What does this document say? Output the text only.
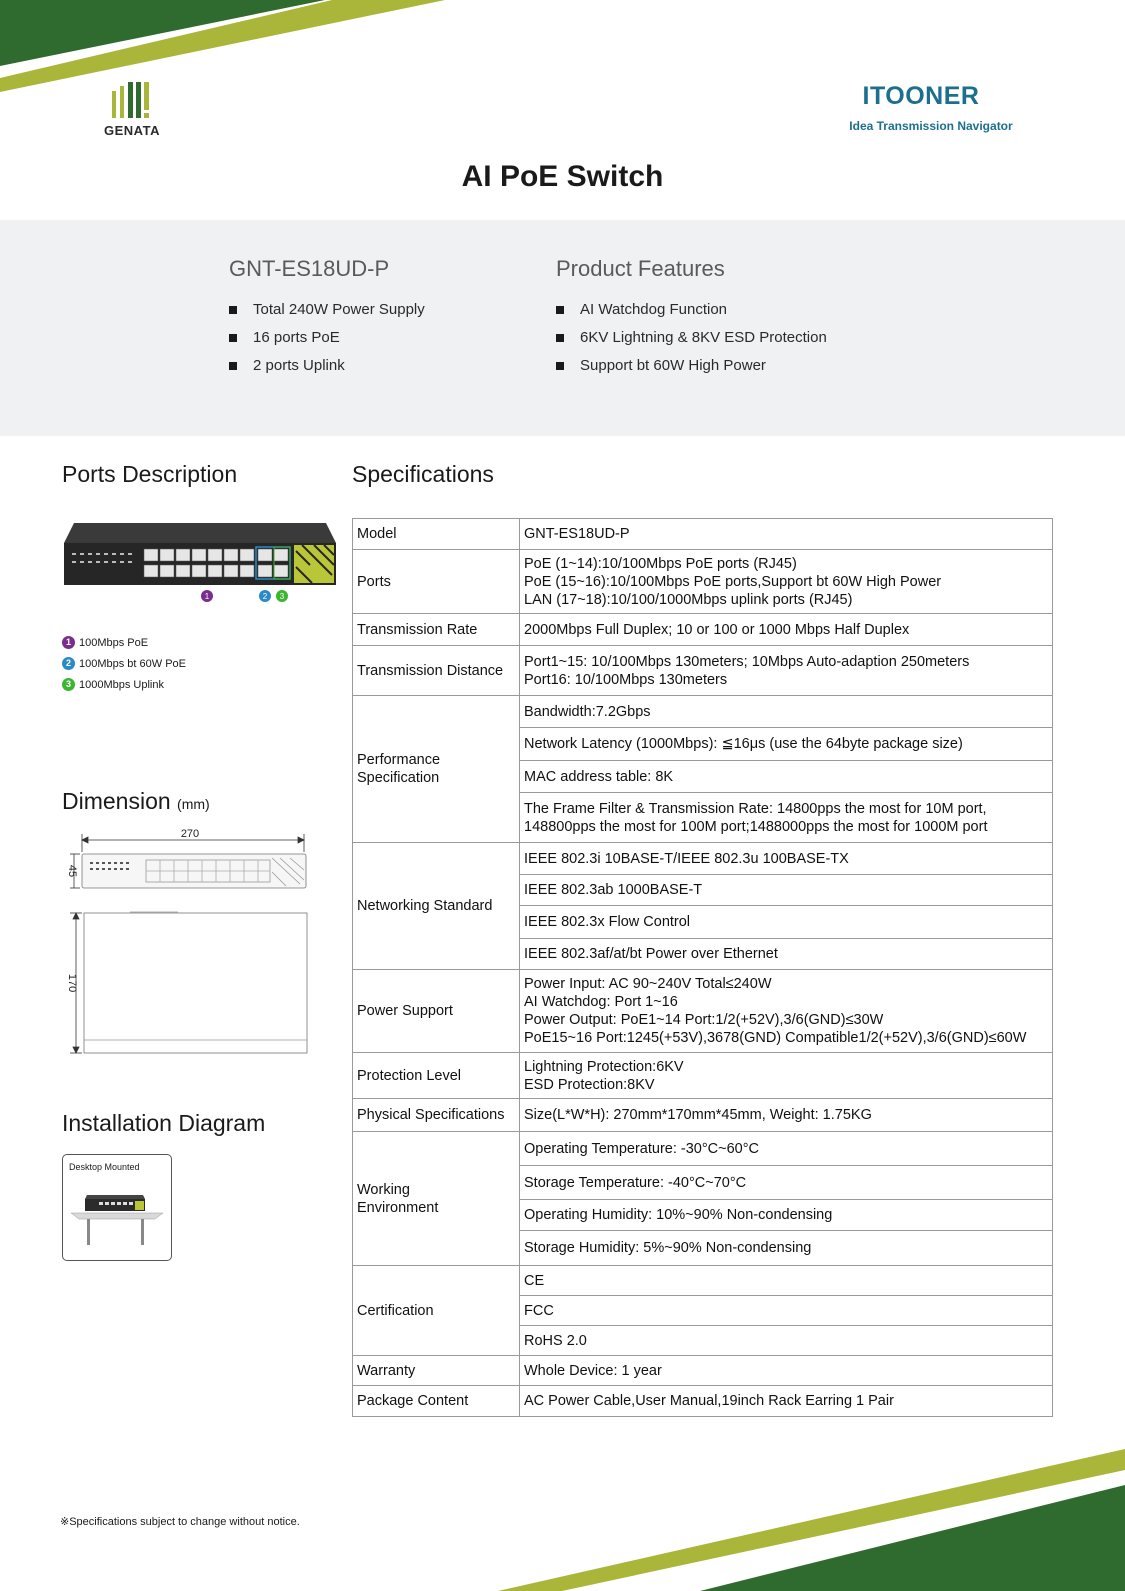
GENATA
ITOONER
Idea Transmission Navigator
AI PoE Switch
GNT-ES18UD-P
Total 240W Power Supply
16 ports PoE
2 ports Uplink
Product Features
AI Watchdog Function
6KV Lightning & 8KV ESD Protection
Support bt 60W High Power
Ports Description
1	2 3
1 100Mbps PoE
2 100Mbps bt 60W PoE
3 1000Mbps Uplink
Dimension (mm)
270
45
170
Installation Diagram
Desktop Mounted
Specifications
Model	GNT-ES18UD-P
Ports	PoE (1~14):10/100Mbps PoE ports (RJ45)
PoE (15~16):10/100Mbps PoE ports,Support bt 60W High Power
LAN (17~18):10/100/1000Mbps uplink ports (RJ45)
Transmission Rate	2000Mbps Full Duplex; 10 or 100 or 1000 Mbps Half Duplex
Transmission Distance	Port1~15: 10/100Mbps 130meters; 10Mbps Auto-adaption 250meters
Port16: 10/100Mbps 130meters
Performance Specification	Bandwidth:7.2Gbps
	Network Latency (1000Mbps): ≦16μs (use the 64byte package size)
	MAC address table: 8K
	The Frame Filter & Transmission Rate: 14800pps the most for 10M port, 148800pps the most for 100M port;1488000pps the most for 1000M port
Networking Standard	IEEE 802.3i 10BASE-T/IEEE 802.3u 100BASE-TX
	IEEE 802.3ab 1000BASE-T
	IEEE 802.3x Flow Control
	IEEE 802.3af/at/bt Power over Ethernet
Power Support	Power Input: AC 90~240V Total≤240W
AI Watchdog: Port 1~16
Power Output: PoE1~14 Port:1/2(+52V),3/6(GND)≤30W
PoE15~16 Port:1245(+53V),3678(GND) Compatible1/2(+52V),3/6(GND)≤60W
Protection Level	Lightning Protection:6KV
ESD Protection:8KV
Physical Specifications	Size(L*W*H): 270mm*170mm*45mm, Weight: 1.75KG
Working Environment	Operating Temperature: -30°C~60°C
	Storage Temperature: -40°C~70°C
	Operating Humidity: 10%~90% Non-condensing
	Storage Humidity: 5%~90% Non-condensing
Certification	CE
	FCC
	RoHS 2.0
Warranty	Whole Device: 1 year
Package Content	AC Power Cable,User Manual,19inch Rack Earring 1 Pair
※Specifications subject to change without notice.
